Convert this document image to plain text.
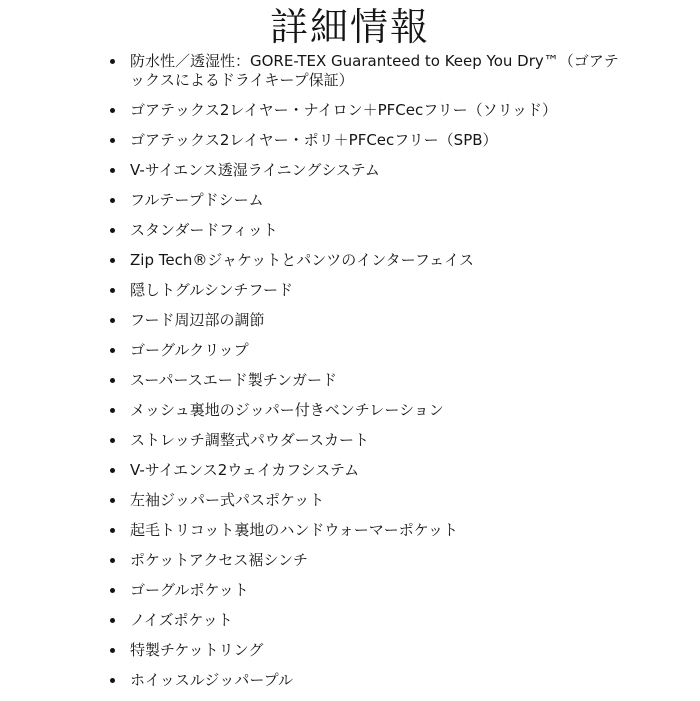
詳細情報
防水性／透湿性：GORE-TEX Guaranteed to Keep You Dry™（ゴアテックスによるドライキープ保証）
ゴアテックス2レイヤー・ナイロン＋PFCecフリー（ソリッド）
ゴアテックス2レイヤー・ポリ＋PFCecフリー（SPB）
V-サイエンス透湿ライニングシステム
フルテープドシーム
スタンダードフィット
Zip Tech®ジャケットとパンツのインターフェイス
隠しトグルシンチフード
フード周辺部の調節
ゴーグルクリップ
スーパースエード製チンガード
メッシュ裏地のジッパー付きベンチレーション
ストレッチ調整式パウダースカート
V-サイエンス2ウェイカフシステム
左袖ジッパー式パスポケット
起毛トリコット裏地のハンドウォーマーポケット
ポケットアクセス裾シンチ
ゴーグルポケット
ノイズポケット
特製チケットリング
ホイッスルジッパープル
